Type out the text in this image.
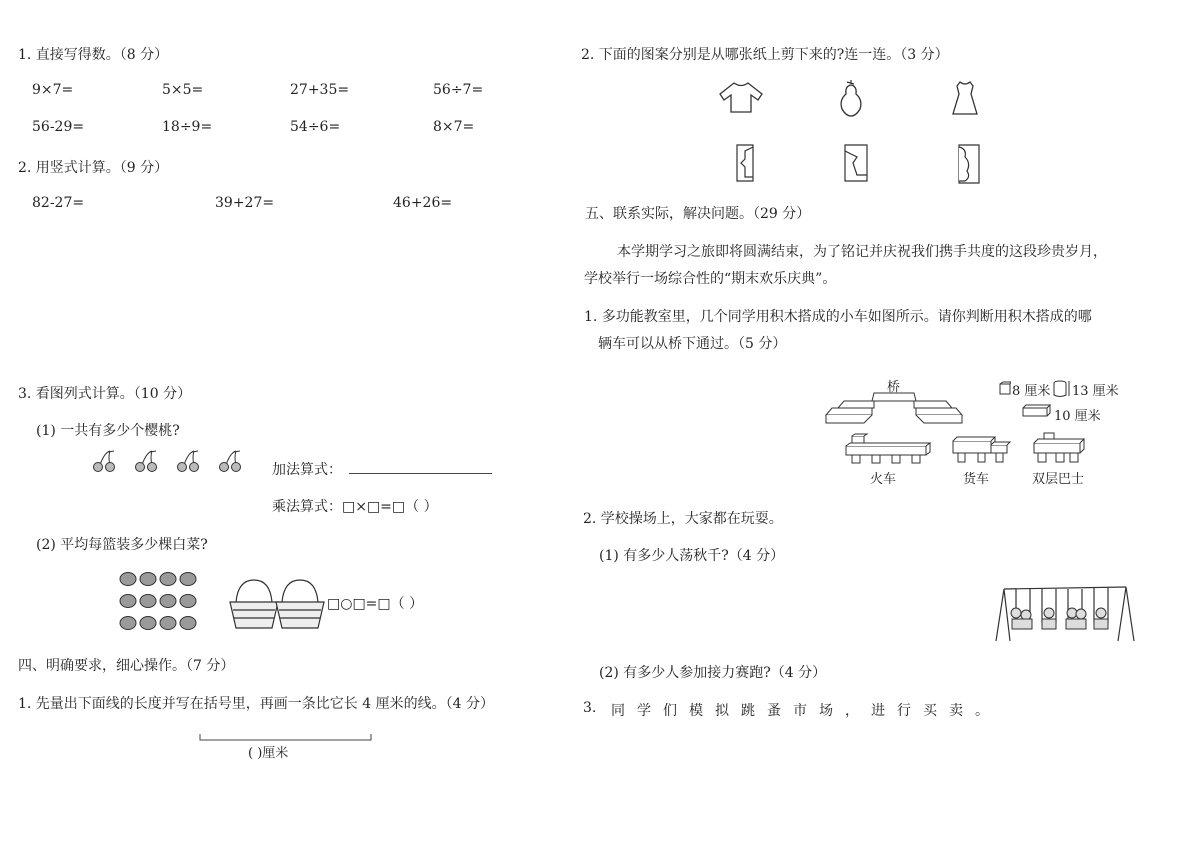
1. 直接写得数。（8 分）
9×7=	5×5=	27+35=	56÷7=
56-29=	18÷9=	54÷6=	8×7=
2. 用竖式计算。（9 分）
82-27=	39+27=	46+26=
3. 看图列式计算。（10 分）
(1) 一共有多少个樱桃?
加法算式：
乘法算式：□×□=□（ ）
(2) 平均每篮装多少棵白菜?
□○□=□（ ）
四、明确要求，细心操作。（7 分）
1. 先量出下面线的长度并写在括号里，再画一条比它长 4 厘米的线。（4 分）
( )厘米
2. 下面的图案分别是从哪张纸上剪下来的?连一连。（3 分）
五、联系实际，解决问题。（29 分）
本学期学习之旅即将圆满结束，为了铭记并庆祝我们携手共度的这段珍贵岁月，
学校举行一场综合性的“期末欢乐庆典”。
1. 多功能教室里，几个同学用积木搭成的小车如图所示。请你判断用积木搭成的哪
辆车可以从桥下通过。（5 分）
桥	8 厘米 13 厘米
10 厘米
火车	货车	双层巴士
2. 学校操场上，大家都在玩耍。
(1) 有多少人荡秋千?（4 分）
(2) 有多少人参加接力赛跑?（4 分）
3. 同学们模拟跳蚤市场，进行买卖。
